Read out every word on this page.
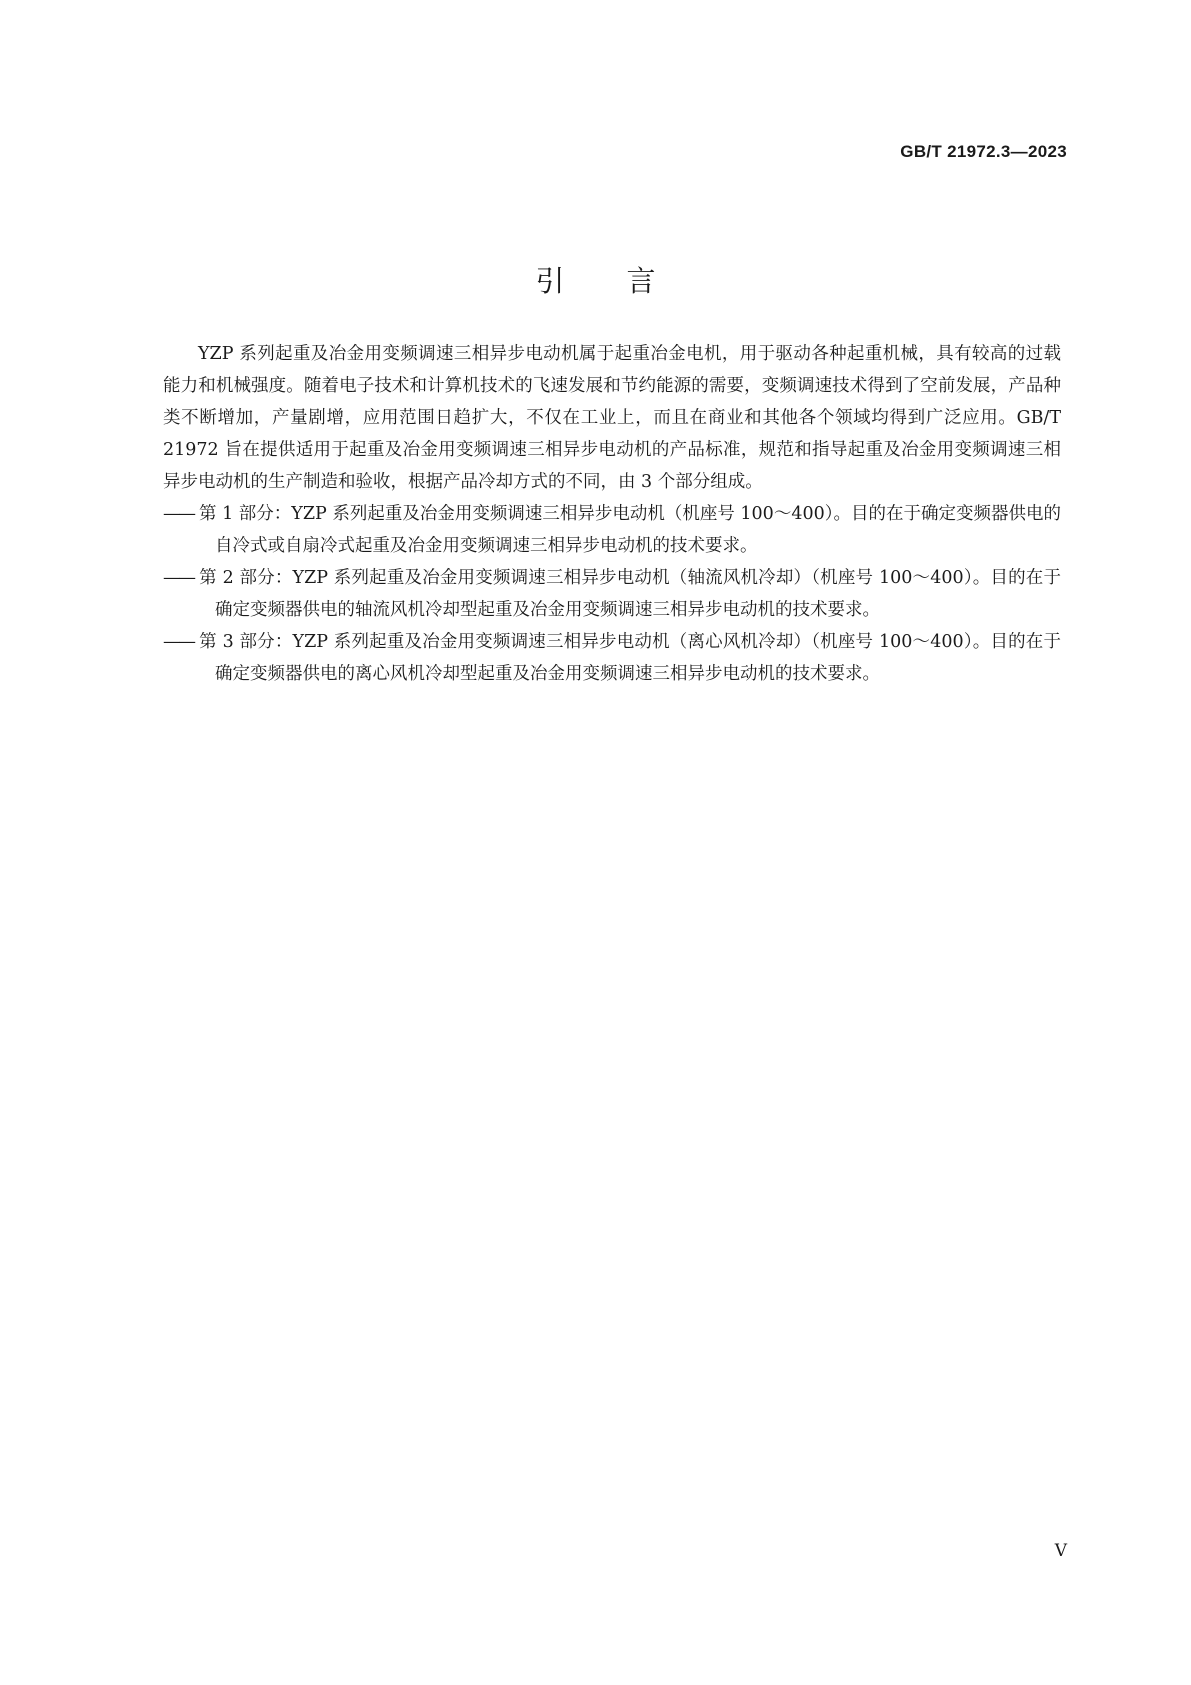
GB/T 21972.3—2023
引言

YZP 系列起重及冶金用变频调速三相异步电动机属于起重冶金电机，用于驱动各种起重机械，具有较高的过载能力和机械强度。随着电子技术和计算机技术的飞速发展和节约能源的需要，变频调速技术得到了空前发展，产品种类不断增加，产量剧增，应用范围日趋扩大，不仅在工业上，而且在商业和其他各个领域均得到广泛应用。GB/T 21972 旨在提供适用于起重及冶金用变频调速三相异步电动机的产品标准，规范和指导起重及冶金用变频调速三相异步电动机的生产制造和验收，根据产品冷却方式的不同，由 3 个部分组成。

—— 第 1 部分：YZP 系列起重及冶金用变频调速三相异步电动机（机座号 100～400）。目的在于确定变频器供电的自冷式或自扇冷式起重及冶金用变频调速三相异步电动机的技术要求。

—— 第 2 部分：YZP 系列起重及冶金用变频调速三相异步电动机（轴流风机冷却）（机座号 100～400）。目的在于确定变频器供电的轴流风机冷却型起重及冶金用变频调速三相异步电动机的技术要求。

—— 第 3 部分：YZP 系列起重及冶金用变频调速三相异步电动机（离心风机冷却）（机座号 100～400）。目的在于确定变频器供电的离心风机冷却型起重及冶金用变频调速三相异步电动机的技术要求。

V
